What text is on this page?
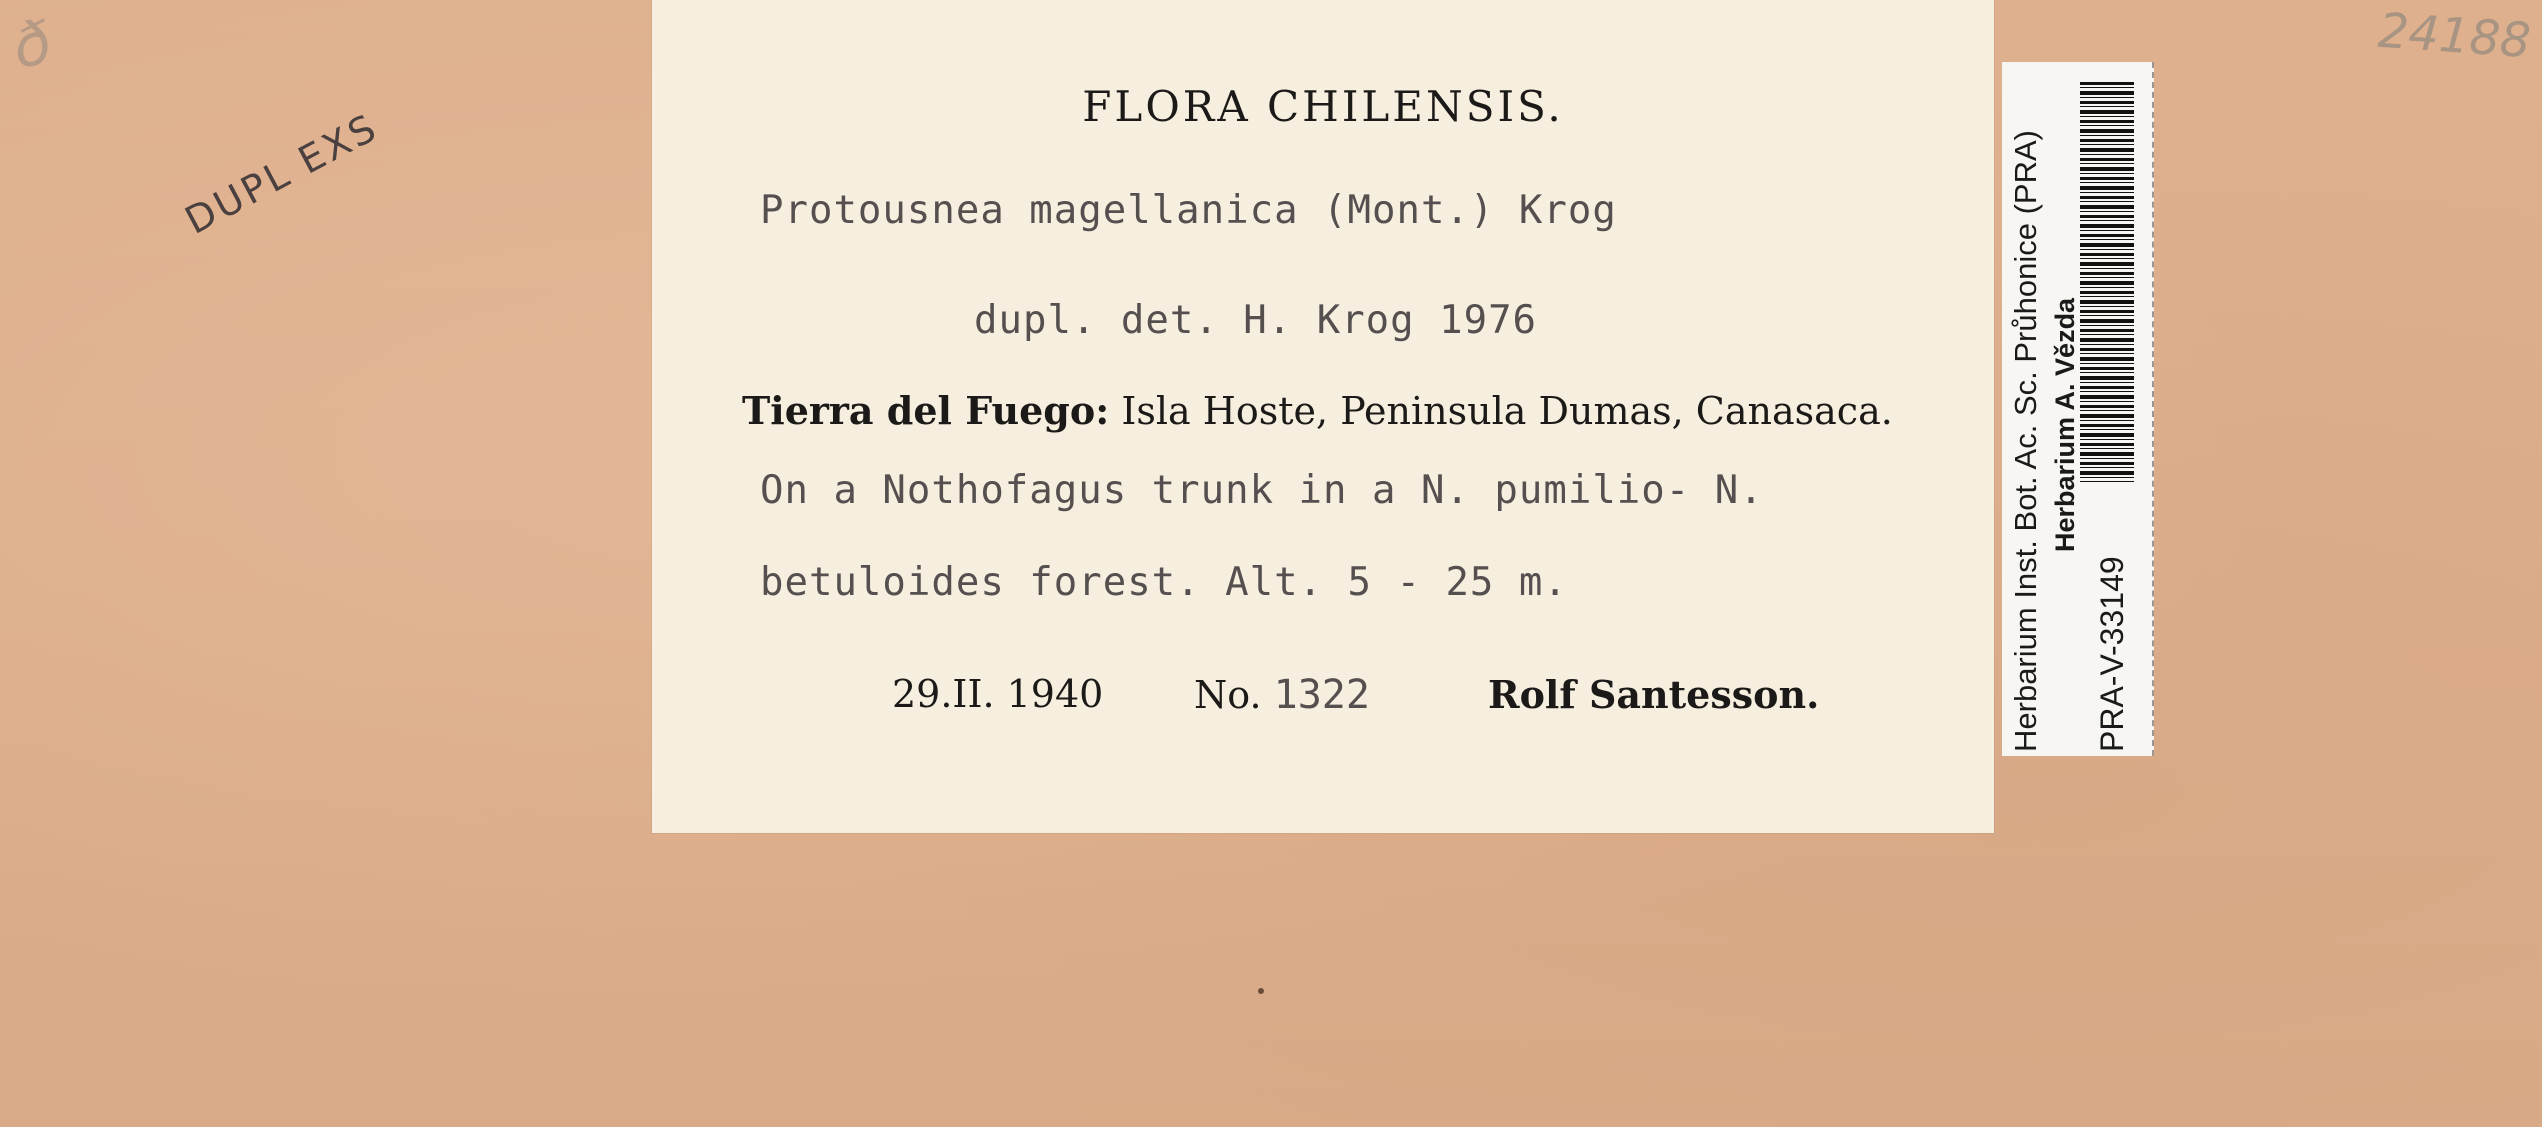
ð	24188
DUPL EXS	FLORA CHILENSIS.
Protousnea magellanica (Mont.) Krog
dupl. det. H. Krog 1976
Tierra del Fuego: Isla Hoste, Peninsula Dumas, Canasaca.
On a Nothofagus trunk in a N. pumilio- N.
betuloides forest. Alt. 5 - 25 m.
29.II. 1940 No. 1322	Rolf Santesson.	Herbarium Inst. Bot. Ac. Sc. Průhonice (PRA) Herbarium A. Vězda
PRA-V-33149
